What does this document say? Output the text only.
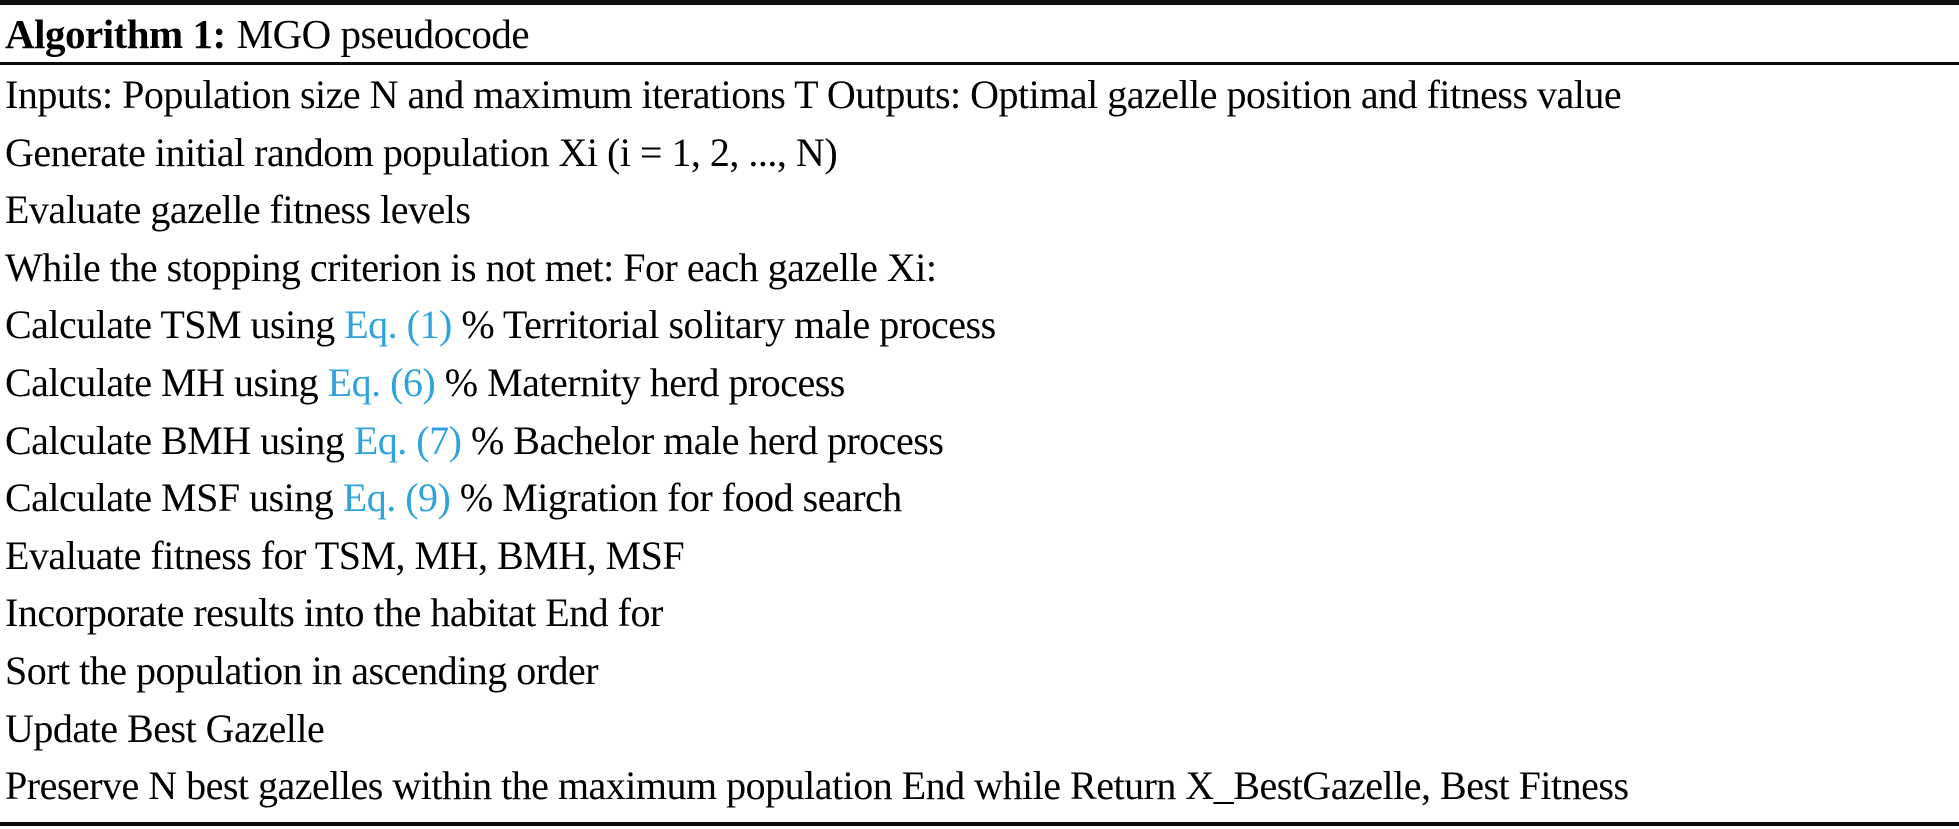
Algorithm 1: MGO pseudocode
Inputs: Population size N and maximum iterations T Outputs: Optimal gazelle position and fitness value
Generate initial random population Xi (i = 1, 2, ..., N)
Evaluate gazelle fitness levels
While the stopping criterion is not met: For each gazelle Xi:
Calculate TSM using Eq. (1) % Territorial solitary male process
Calculate MH using Eq. (6) % Maternity herd process
Calculate BMH using Eq. (7) % Bachelor male herd process
Calculate MSF using Eq. (9) % Migration for food search
Evaluate fitness for TSM, MH, BMH, MSF
Incorporate results into the habitat End for
Sort the population in ascending order
Update Best Gazelle
Preserve N best gazelles within the maximum population End while Return X_BestGazelle, Best Fitness
